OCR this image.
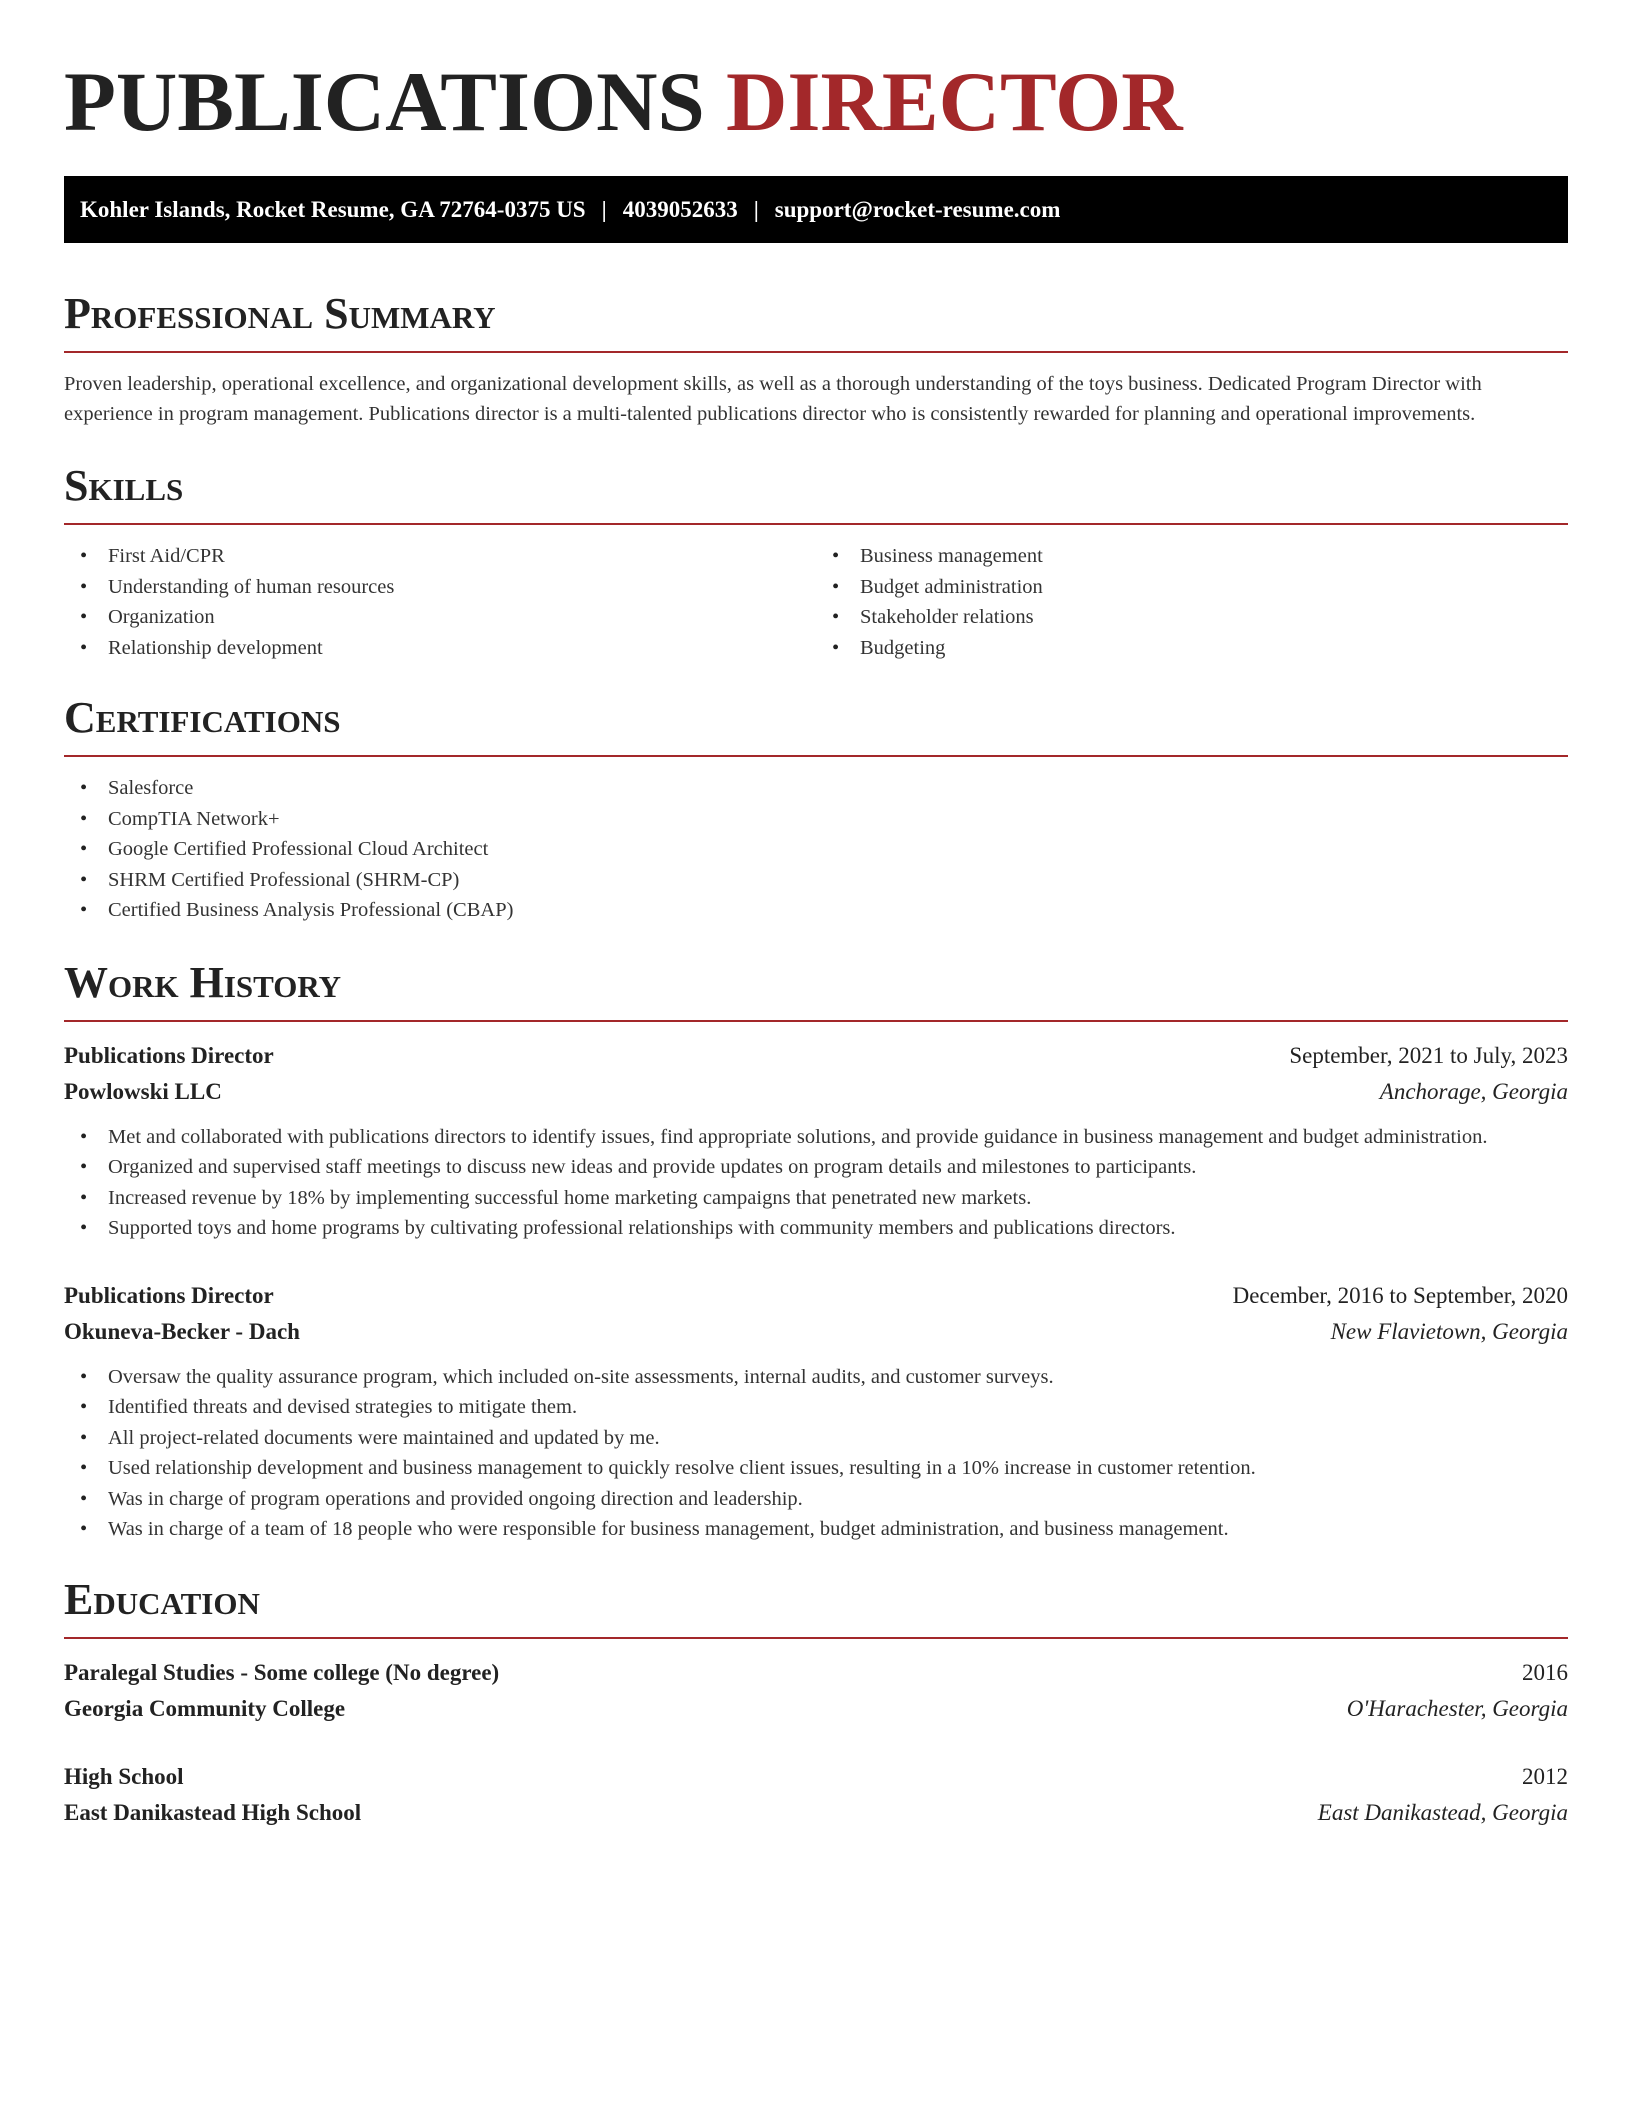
PUBLICATIONS DIRECTOR
Kohler Islands, Rocket Resume, GA 72764-0375 US | 4039052633 | support@rocket-resume.com
Professional Summary

Proven leadership, operational excellence, and organizational development skills, as well as a thorough understanding of the toys business. Dedicated Program Director with experience in program management. Publications director is a multi-talented publications director who is consistently rewarded for planning and operational improvements.

Skills
• First Aid/CPR
• Understanding of human resources
• Organization
• Relationship development
• Business management
• Budget administration
• Stakeholder relations
• Budgeting
Certifications
• Salesforce
• CompTIA Network+
• Google Certified Professional Cloud Architect
• SHRM Certified Professional (SHRM-CP)
• Certified Business Analysis Professional (CBAP)
Work History
Publications Director	September, 2021 to July, 2023
Powlowski LLC	Anchorage, Georgia
• Met and collaborated with publications directors to identify issues, find appropriate solutions, and provide guidance in business management and budget administration.
• Organized and supervised staff meetings to discuss new ideas and provide updates on program details and milestones to participants.
• Increased revenue by 18% by implementing successful home marketing campaigns that penetrated new markets.
• Supported toys and home programs by cultivating professional relationships with community members and publications directors.
Publications Director	December, 2016 to September, 2020
Okuneva-Becker - Dach	New Flavietown, Georgia
• Oversaw the quality assurance program, which included on-site assessments, internal audits, and customer surveys.
• Identified threats and devised strategies to mitigate them.
• All project-related documents were maintained and updated by me.
• Used relationship development and business management to quickly resolve client issues, resulting in a 10% increase in customer retention.
• Was in charge of program operations and provided ongoing direction and leadership.
• Was in charge of a team of 18 people who were responsible for business management, budget administration, and business management.
Education
Paralegal Studies - Some college (No degree)	2016
Georgia Community College	O'Harachester, Georgia
High School	2012
East Danikastead High School	East Danikastead, Georgia
